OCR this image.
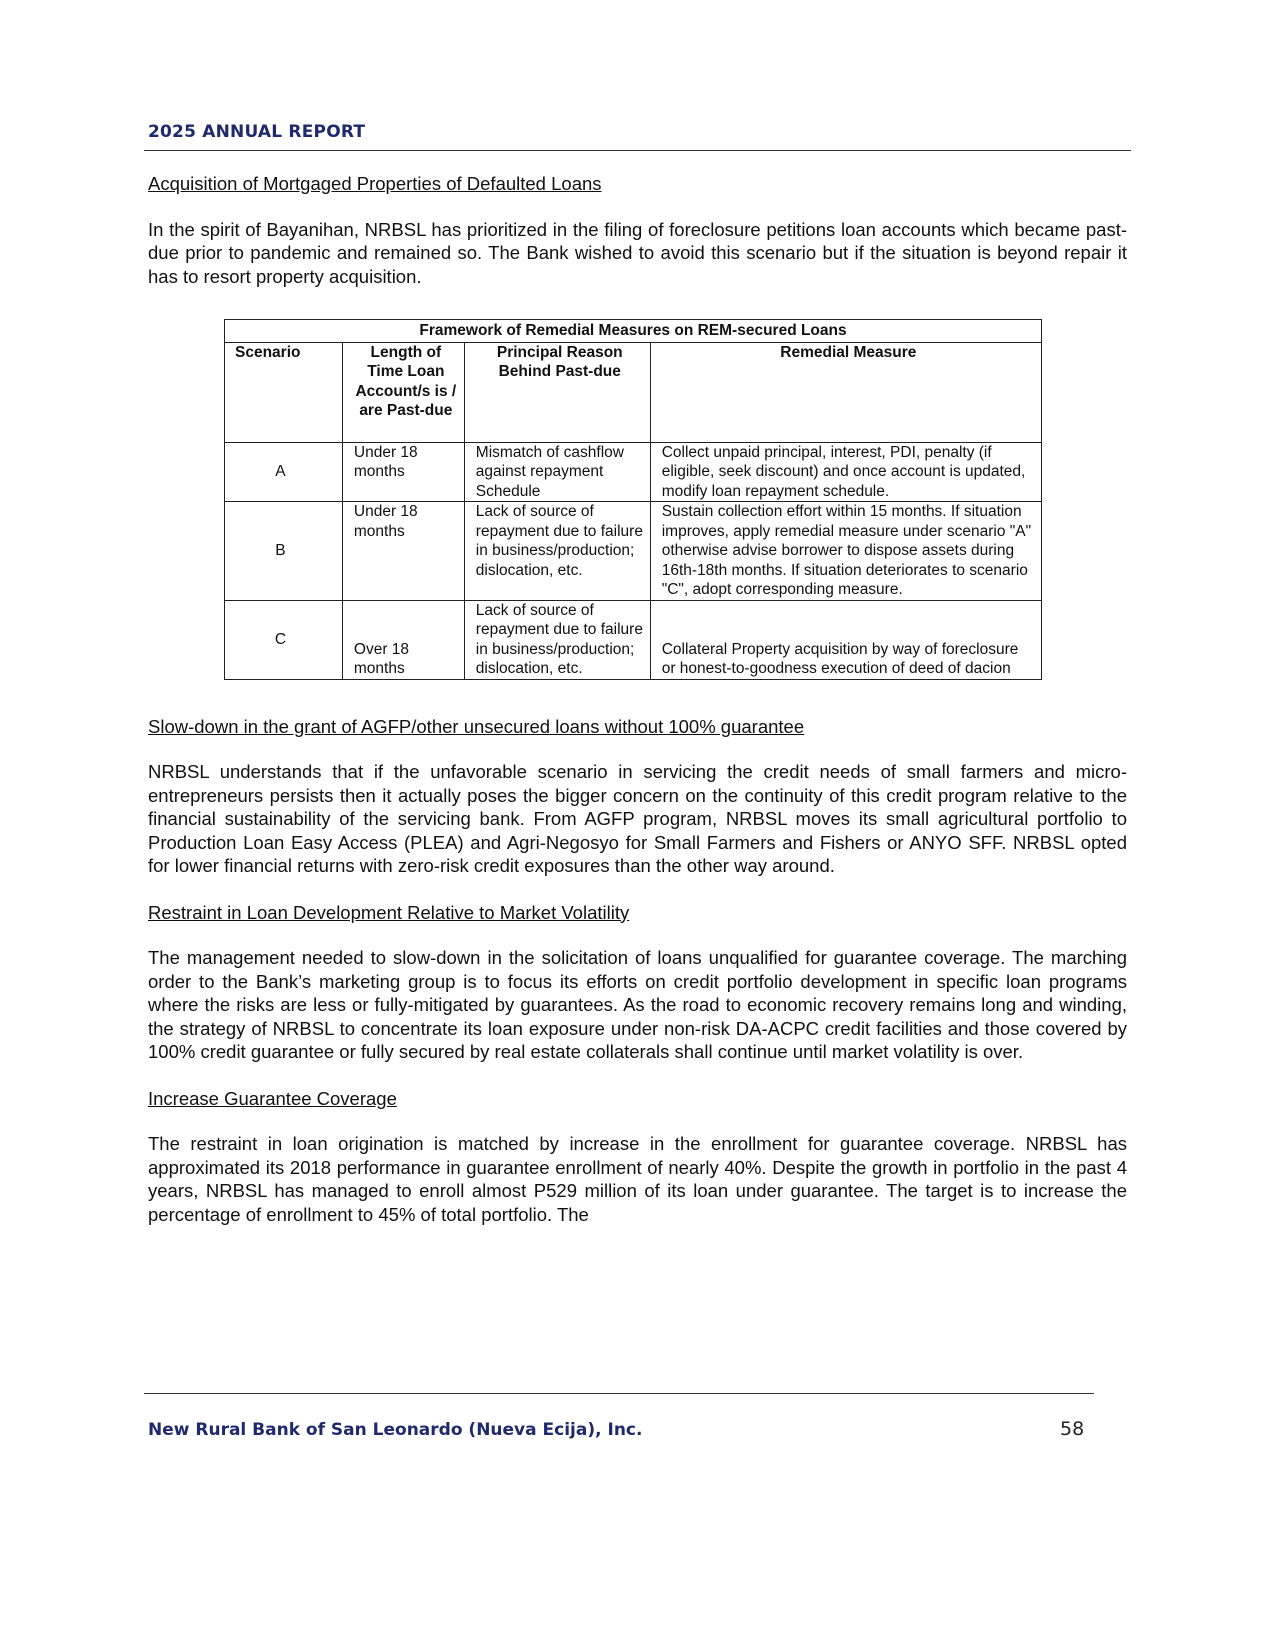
2025 ANNUAL REPORT

Acquisition of Mortgaged Properties of Defaulted Loans

In the spirit of Bayanihan, NRBSL has prioritized in the filing of foreclosure petitions loan accounts which became past-due prior to pandemic and remained so. The Bank wished to avoid this scenario but if the situation is beyond repair it has to resort property acquisition.

Framework of Remedial Measures on REM-secured Loans			
Scenario	Length of Time Loan Account/s is / are Past-due	Principal Reason Behind Past-due	Remedial Measure
A	Under 18 months	Mismatch of cashflow against repayment Schedule	Collect unpaid principal, interest, PDI, penalty (if eligible, seek discount) and once account is updated, modify loan repayment schedule.
B	Under 18 months	Lack of source of repayment due to failure in business/production; dislocation, etc.	Sustain collection effort within 15 months. If situation improves, apply remedial measure under scenario "A" otherwise advise borrower to dispose assets during 16th-18th months. If situation deteriorates to scenario "C", adopt corresponding measure.
C	Over 18 months	Lack of source of repayment due to failure in business/production; dislocation, etc.	Collateral Property acquisition by way of foreclosure or honest-to-goodness execution of deed of dacion

Slow-down in the grant of AGFP/other unsecured loans without 100% guarantee

NRBSL understands that if the unfavorable scenario in servicing the credit needs of small farmers and micro-entrepreneurs persists then it actually poses the bigger concern on the continuity of this credit program relative to the financial sustainability of the servicing bank. From AGFP program, NRBSL moves its small agricultural portfolio to Production Loan Easy Access (PLEA) and Agri-Negosyo for Small Farmers and Fishers or ANYO SFF. NRBSL opted for lower financial returns with zero-risk credit exposures than the other way around.

Restraint in Loan Development Relative to Market Volatility

The management needed to slow-down in the solicitation of loans unqualified for guarantee coverage. The marching order to the Bank’s marketing group is to focus its efforts on credit portfolio development in specific loan programs where the risks are less or fully-mitigated by guarantees. As the road to economic recovery remains long and winding, the strategy of NRBSL to concentrate its loan exposure under non-risk DA-ACPC credit facilities and those covered by 100% credit guarantee or fully secured by real estate collaterals shall continue until market volatility is over.

Increase Guarantee Coverage

The restraint in loan origination is matched by increase in the enrollment for guarantee coverage. NRBSL has approximated its 2018 performance in guarantee enrollment of nearly 40%. Despite the growth in portfolio in the past 4 years, NRBSL has managed to enroll almost P529 million of its loan under guarantee. The target is to increase the percentage of enrollment to 45% of total portfolio. The

New Rural Bank of San Leonardo (Nueva Ecija), Inc.	58
